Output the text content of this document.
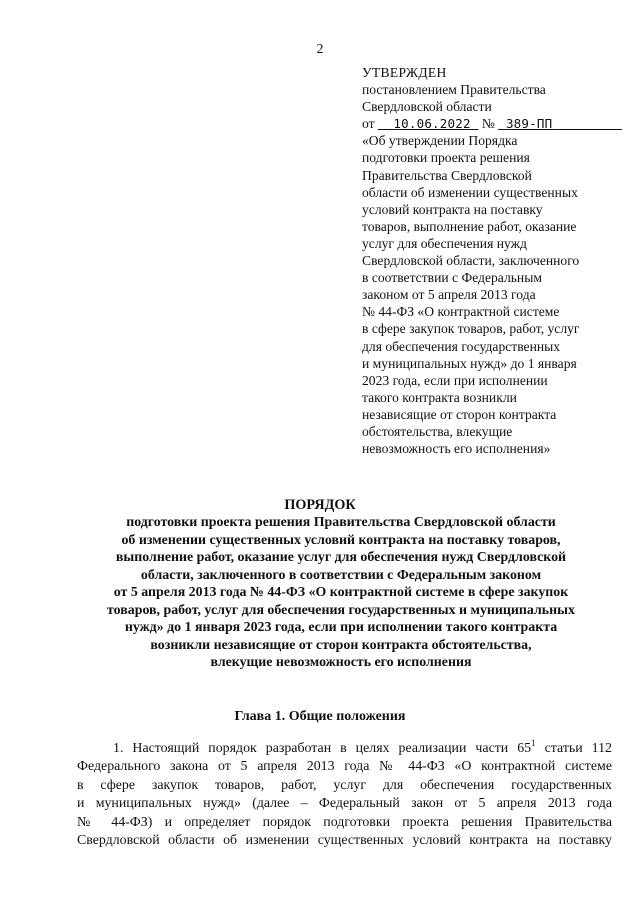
2
УТВЕРЖДЕН
постановлением Правительства
Свердловской области
от 10.06.2022 № 389-ПП
«Об утверждении Порядка
подготовки проекта решения
Правительства Свердловской
области об изменении существенных
условий контракта на поставку
товаров, выполнение работ, оказание
услуг для обеспечения нужд
Свердловской области, заключенного
в соответствии с Федеральным
законом от 5 апреля 2013 года
№ 44-ФЗ «О контрактной системе
в сфере закупок товаров, работ, услуг
для обеспечения государственных
и муниципальных нужд» до 1 января
2023 года, если при исполнении
такого контракта возникли
независящие от сторон контракта
обстоятельства, влекущие
невозможность его исполнения»
ПОРЯДОК
подготовки проекта решения Правительства Свердловской области
об изменении существенных условий контракта на поставку товаров,
выполнение работ, оказание услуг для обеспечения нужд Свердловской
области, заключенного в соответствии с Федеральным законом
от 5 апреля 2013 года № 44-ФЗ «О контрактной системе в сфере закупок
товаров, работ, услуг для обеспечения государственных и муниципальных
нужд» до 1 января 2023 года, если при исполнении такого контракта
возникли независящие от сторон контракта обстоятельства,
влекущие невозможность его исполнения
Глава 1. Общие положения
1. Настоящий порядок разработан в целях реализации части $65^1$ статьи 112
Федерального закона от 5 апреля 2013 года № 44-ФЗ «О контрактной системе
в сфере закупок товаров, работ, услуг для обеспечения государственных
и муниципальных нужд» (далее – Федеральный закон от 5 апреля 2013 года
№ 44-ФЗ) и определяет порядок подготовки проекта решения Правительства
Свердловской области об изменении существенных условий контракта на поставку
